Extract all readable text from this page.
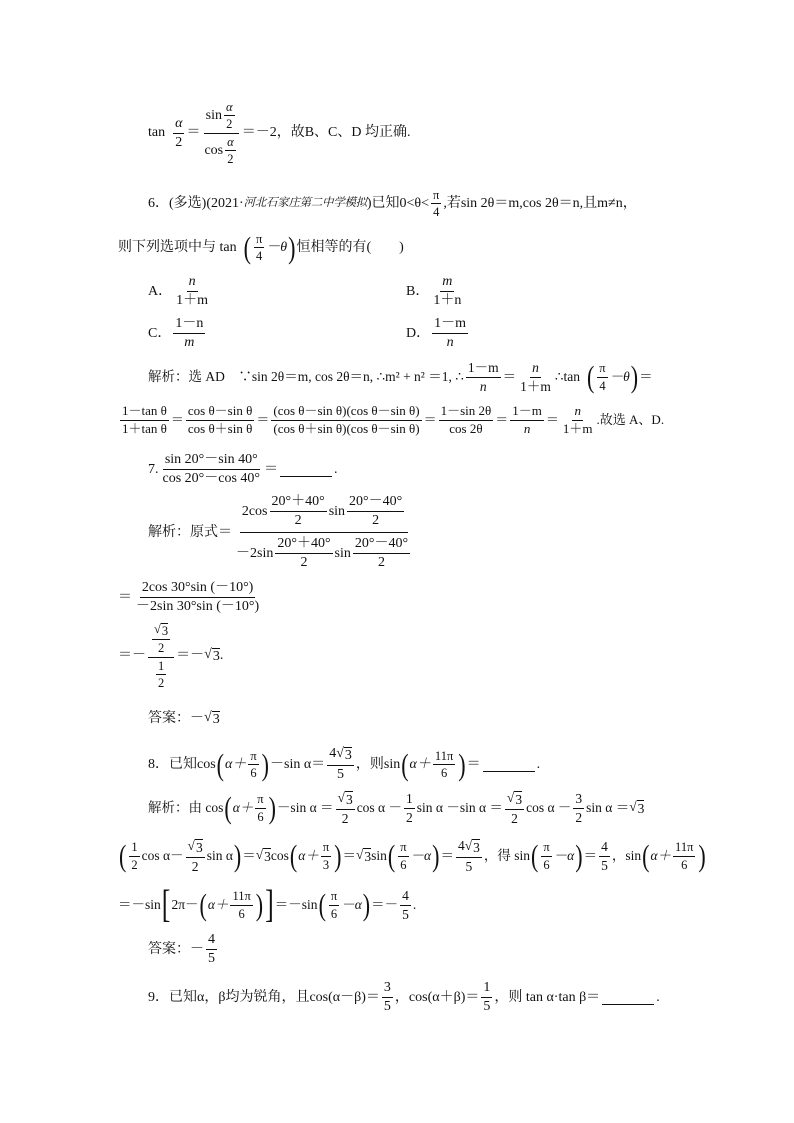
$\tan \frac{\alpha}{2} = \frac{\sin \frac{\alpha}{2}}{\cos \frac{\alpha}{2}} =-2$，故B、C、D 均正确.
6．(多选)(2021· 河北石家庄第二中学模拟 )已知$0<\theta< \frac{\pi}{4}$ ,若sin 2θ＝m,cos 2θ＝n,且m≠n，
则下列选项中与 tan ( $\frac{\pi}{4} -\theta$ ) 恒相等的有(　　)
A． $\frac{n}{1+m}$	B． $\frac{m}{1+n}$
C． $\frac{1-n}{m}$	D． $\frac{1-m}{n}$
解析：选 AD　∵sin 2θ＝m, cos 2θ＝n, ∴m² + n² ＝1, ∴ $\frac{1-m}{n} = \frac{n}{1+m}$ ∴tan ( $\frac{\pi}{4} -\theta$ ) ＝
$\frac{\text{1－tan θ}}{\text{1＋tan θ}} = \frac{\text{cos θ－sin θ}}{\text{cos θ＋sin θ}} = \frac{\text{(cos θ－sin θ)(cos θ－sin θ)}}{\text{(cos θ＋sin θ)(cos θ－sin θ)}} = \frac{1-\sin 2\theta}{\cos 2\theta} = \frac{1-m}{n} = \frac{n}{1+m}$ .故选 A、D.
7. $\frac{\sin 20^\circ-\sin 40^\circ}{\cos 20^\circ-\cos 40^\circ}$ ＝	.
解析：原式＝ $\frac{2\cos \frac{20^\circ+40^\circ}{2} \sin \frac{20^\circ-40^\circ}{2}}{-2\sin \frac{20^\circ+40^\circ}{2} \sin \frac{20^\circ-40^\circ}{2}}$
＝ $\frac{2\cos 30^\circ\sin (-10^\circ)}{-2\sin 30^\circ\sin (-10^\circ)}$
＝－ $\frac{\frac{√ 3}{2}}{\frac{1}{2}}$ ＝－ √ 3 .
答案：－ √ 3
8．已知cos ( $\alpha+ \frac{\pi}{6}$ ) －sin $\alpha= \frac{4√ 3}{5}$ ，则sin ( $\alpha+ \frac{11\pi}{6}$ ) ＝	.
解析：由 cos ( $\alpha+ \frac{\pi}{6}$ ) －sin $\alpha = \frac{√ 3}{2}$ $\cos \alpha - \frac{1}{2}$ sin α －sin $\alpha = \frac{√ 3}{2}$ $\cos \alpha - \frac{3}{2}$ sin α ＝ √ 3
( $\frac{1}{2}$ $\cos \alpha- \frac{√ 3}{2}$ sin α ) ＝ √ 3 cos ( $\alpha+ \frac{\pi}{3}$ ) ＝ √ 3 sin ( $\frac{\pi}{6} -\alpha$ ) ＝ $\frac{4√ 3}{5}$ ，得 sin ( $\frac{\pi}{6} -\alpha$ ) ＝ $\frac{4}{5}$ ，sin ( $\alpha+ \frac{11\pi}{6}$ )
＝－sin [ 2π－ ( $\alpha+ \frac{11\pi}{6}$ ) ] ＝－sin ( $\frac{\pi}{6} -\alpha$ ) ＝－ $\frac{4}{5}$ .
答案：－ $\frac{4}{5}$
9．已知α，β均为锐角，且$\cos(\alpha-\beta)= \frac{3}{5}$ ，$\cos(\alpha+\beta)= \frac{1}{5}$ ，则 tan α·tan β＝	.
